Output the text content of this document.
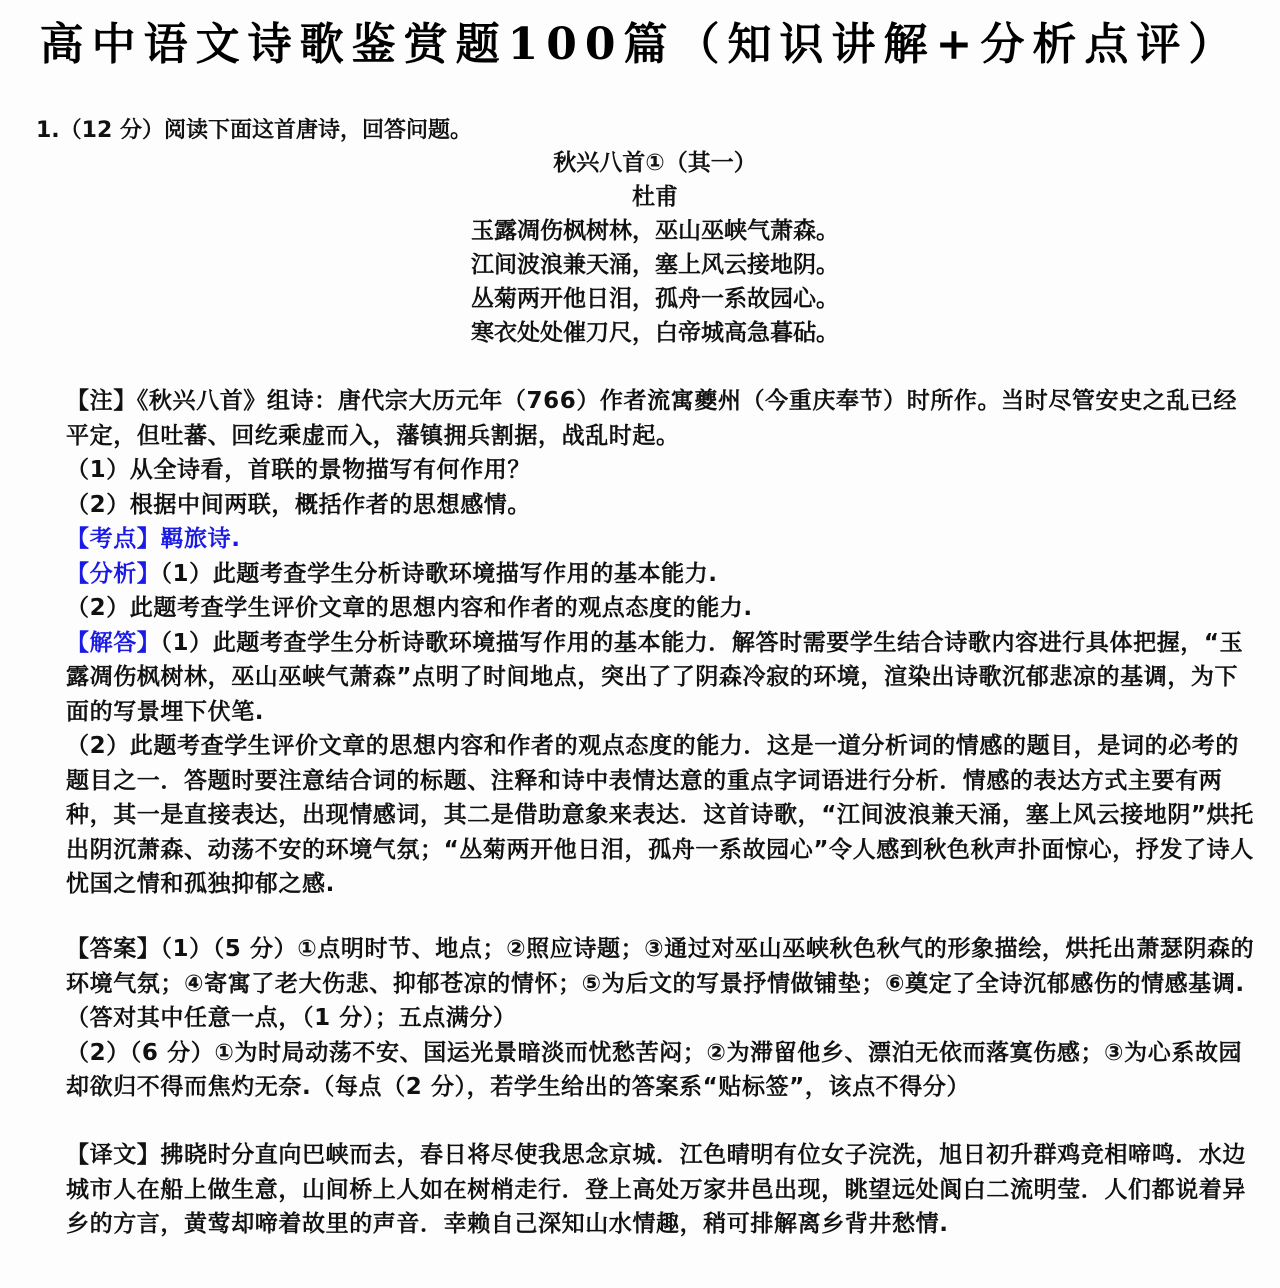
高中语文诗歌鉴赏题100篇（知识讲解+分析点评）
1.（12 分）阅读下面这首唐诗，回答问题。
秋兴八首①（其一）
杜甫
玉露凋伤枫树林，巫山巫峡气萧森。
江间波浪兼天涌，塞上风云接地阴。
丛菊两开他日泪，孤舟一系故园心。
寒衣处处催刀尺，白帝城高急暮砧。

【注】《秋兴八首》组诗：唐代宗大历元年（766）作者流寓夔州（今重庆奉节）时所作。当时尽管安史之乱已经平定，但吐蕃、回纥乘虚而入，藩镇拥兵割据，战乱时起。

（1）从全诗看，首联的景物描写有何作用？

（2）根据中间两联，概括作者的思想感情。

【考点】羁旅诗.

【分析】（1）此题考查学生分析诗歌环境描写作用的基本能力.

（2）此题考查学生评价文章的思想内容和作者的观点态度的能力.

【解答】（1）此题考查学生分析诗歌环境描写作用的基本能力．解答时需要学生结合诗歌内容进行具体把握，“玉露凋伤枫树林，巫山巫峡气萧森”点明了时间地点，突出了了阴森冷寂的环境，渲染出诗歌沉郁悲凉的基调，为下面的写景埋下伏笔.

（2）此题考查学生评价文章的思想内容和作者的观点态度的能力．这是一道分析词的情感的题目，是词的必考的题目之一．答题时要注意结合词的标题、注释和诗中表情达意的重点字词语进行分析．情感的表达方式主要有两种，其一是直接表达，出现情感词，其二是借助意象来表达．这首诗歌，“江间波浪兼天涌，塞上风云接地阴”烘托出阴沉萧森、动荡不安的环境气氛；“丛菊两开他日泪，孤舟一系故园心”令人感到秋色秋声扑面惊心，抒发了诗人忧国之情和孤独抑郁之感.

【答案】（1）（5 分）①点明时节、地点；②照应诗题；③通过对巫山巫峡秋色秋气的形象描绘，烘托出萧瑟阴森的环境气氛；④寄寓了老大伤悲、抑郁苍凉的情怀；⑤为后文的写景抒情做铺垫；⑥奠定了全诗沉郁感伤的情感基调.（答对其中任意一点，（1 分）；五点满分）

（2）（6 分）①为时局动荡不安、国运光景暗淡而忧愁苦闷；②为滞留他乡、漂泊无依而落寞伤感；③为心系故园却欲归不得而焦灼无奈.（每点（2 分），若学生给出的答案系“贴标签”，该点不得分）

【译文】拂晓时分直向巴峡而去，春日将尽使我思念京城．江色晴明有位女子浣洗，旭日初升群鸡竞相啼鸣．水边城市人在船上做生意，山间桥上人如在树梢走行．登上高处万家井邑出现，眺望远处阆白二流明莹．人们都说着异乡的方言，黄莺却啼着故里的声音．幸赖自己深知山水情趣，稍可排解离乡背井愁情.
